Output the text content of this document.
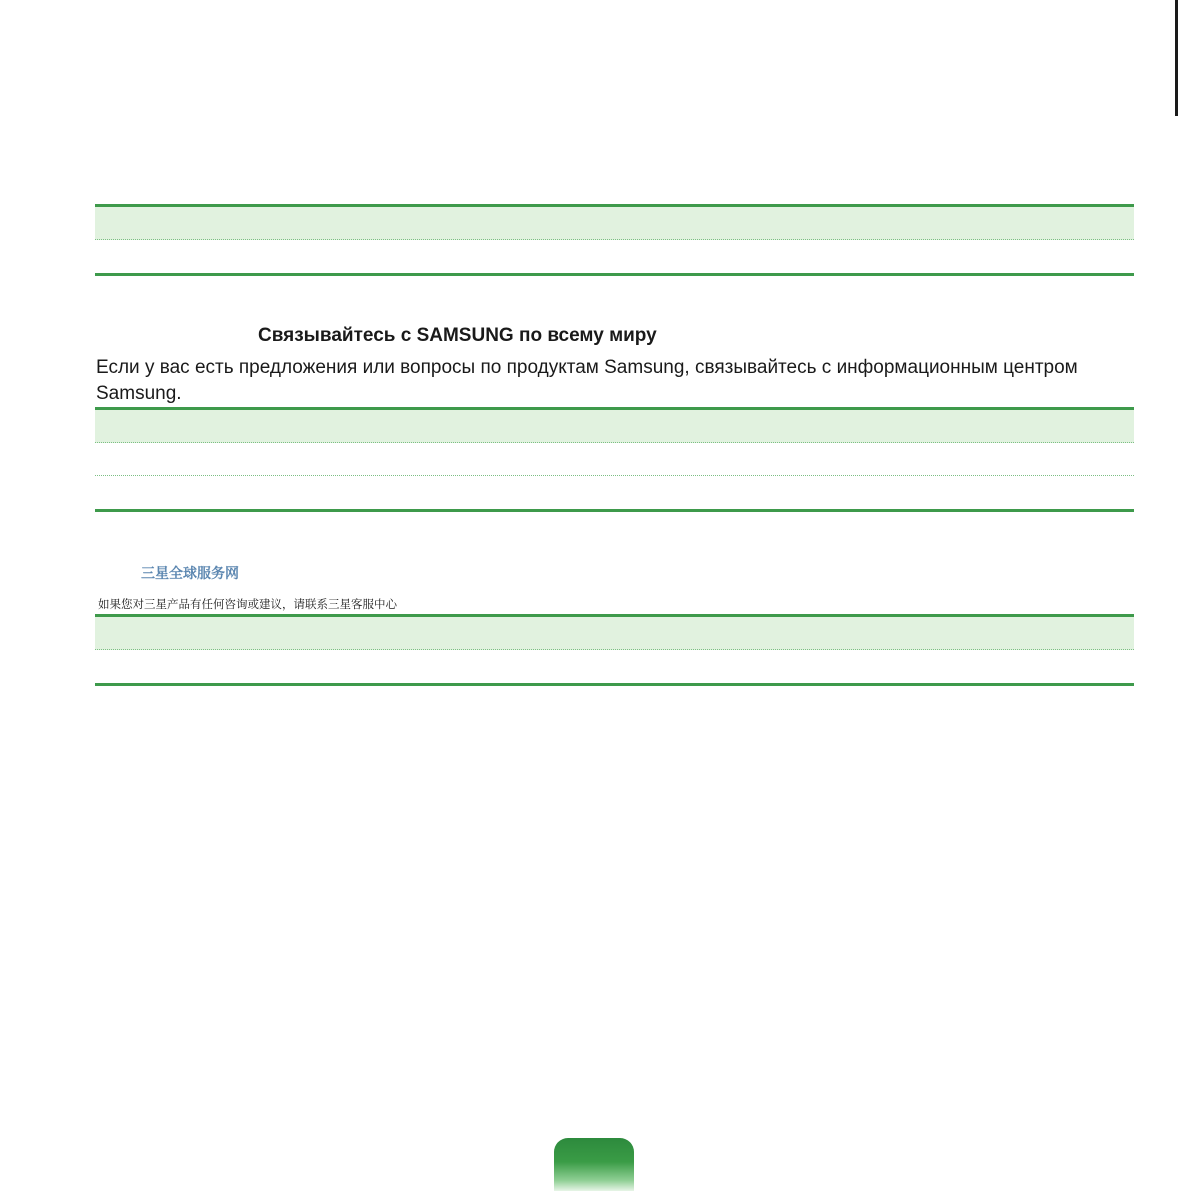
Связывайтесь с SAMSUNG по всему миру

Если у вас есть предложения или вопросы по продуктам Samsung, связывайтесь с информационным центром Samsung.

三星全球服务网

如果您对三星产品有任何咨询或建议，请联系三星客服中心
